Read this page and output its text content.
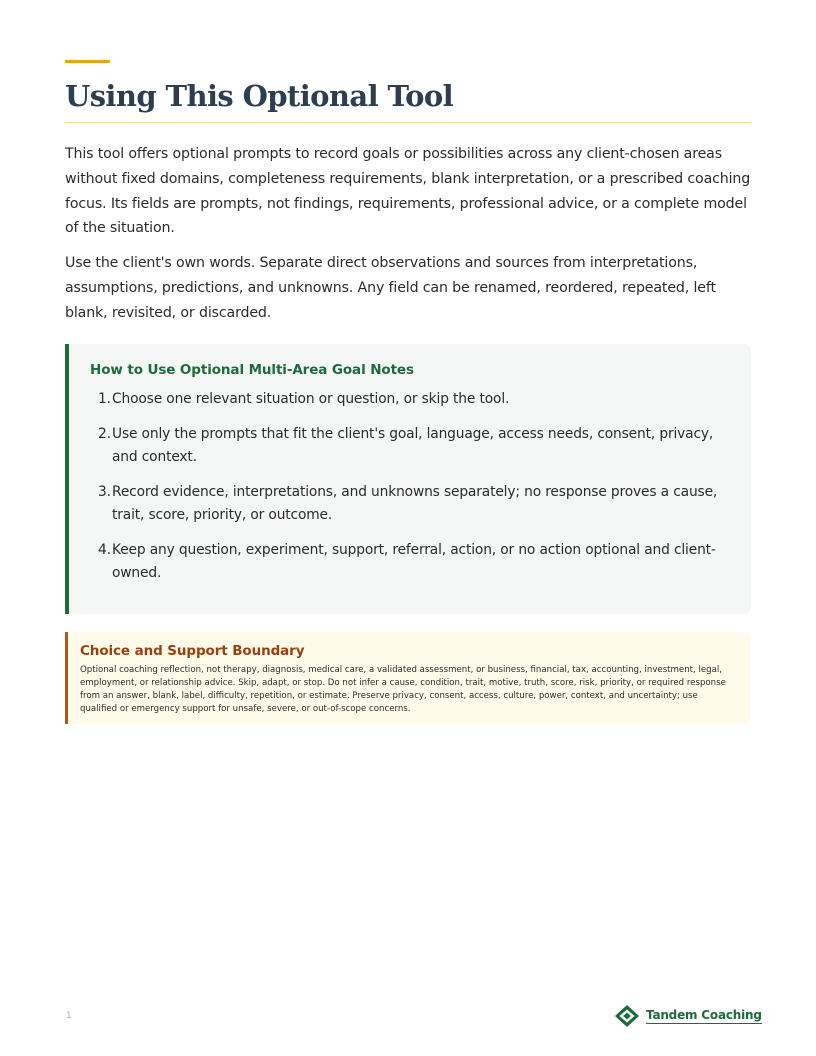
Using This Optional Tool

This tool offers optional prompts to record goals or possibilities across any client-chosen areas without fixed domains, completeness requirements, blank interpretation, or a prescribed coaching focus. Its fields are prompts, not findings, requirements, professional advice, or a complete model of the situation.

Use the client's own words. Separate direct observations and sources from interpretations, assumptions, predictions, and unknowns. Any field can be renamed, reordered, repeated, left blank, revisited, or discarded.

How to Use Optional Multi-Area Goal Notes
1. Choose one relevant situation or question, or skip the tool.
2. Use only the prompts that fit the client's goal, language, access needs, consent, privacy, and context.
3. Record evidence, interpretations, and unknowns separately; no response proves a cause, trait, score, priority, or outcome.
4. Keep any question, experiment, support, referral, action, or no action optional and client-owned.
Choice and Support Boundary

Optional coaching reflection, not therapy, diagnosis, medical care, a validated assessment, or business, financial, tax, accounting, investment, legal, employment, or relationship advice. Skip, adapt, or stop. Do not infer a cause, condition, trait, motive, truth, score, risk, priority, or required response from an answer, blank, label, difficulty, repetition, or estimate. Preserve privacy, consent, access, culture, power, context, and uncertainty; use qualified or emergency support for unsafe, severe, or out-of-scope concerns.

1	Tandem Coaching
